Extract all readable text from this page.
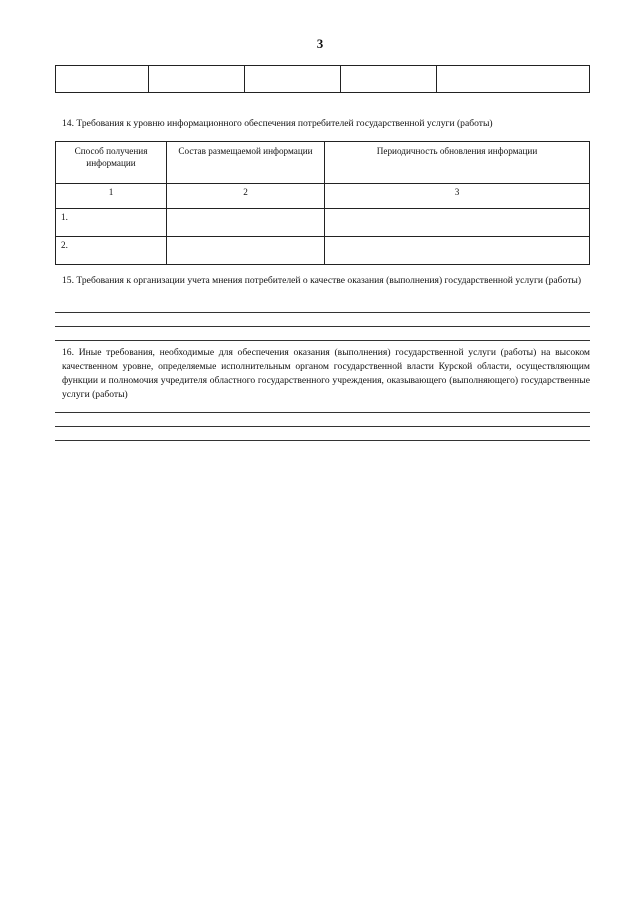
3

14. Требования к уровню информационного обеспечения потребителей государственной услуги (работы)
Способ получения информации	Состав размещаемой информации	Периодичность обновления информации
1	2	3
1.		
2.		
15. Требования к организации учета мнения потребителей о качестве оказания (выполнения) государственной услуги (работы)
16. Иные требования, необходимые для обеспечения оказания (выполнения) государственной услуги (работы) на высоком качественном уровне, определяемые исполнительным органом государственной власти Курской области, осуществляющим функции и полномочия учредителя областного государственного учреждения, оказывающего (выполняющего) государственные услуги (работы)
